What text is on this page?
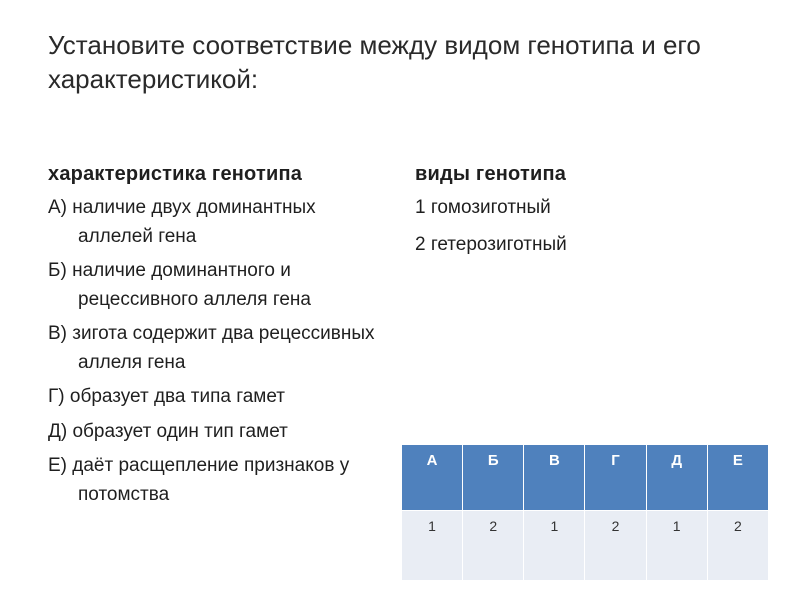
Установите соответствие между видом генотипа и его характеристикой:
характеристика генотипа
А) наличие двух доминантных аллелей гена
Б) наличие доминантного и рецессивного аллеля гена
В) зигота содержит два рецессивных аллеля гена
Г) образует два типа гамет
Д) образует один тип гамет
Е) даёт расщепление признаков у потомства
виды генотипа
1 гомозиготный
2 гетерозиготный
А	Б	В	Г	Д	Е
1	2	1	2	1	2
